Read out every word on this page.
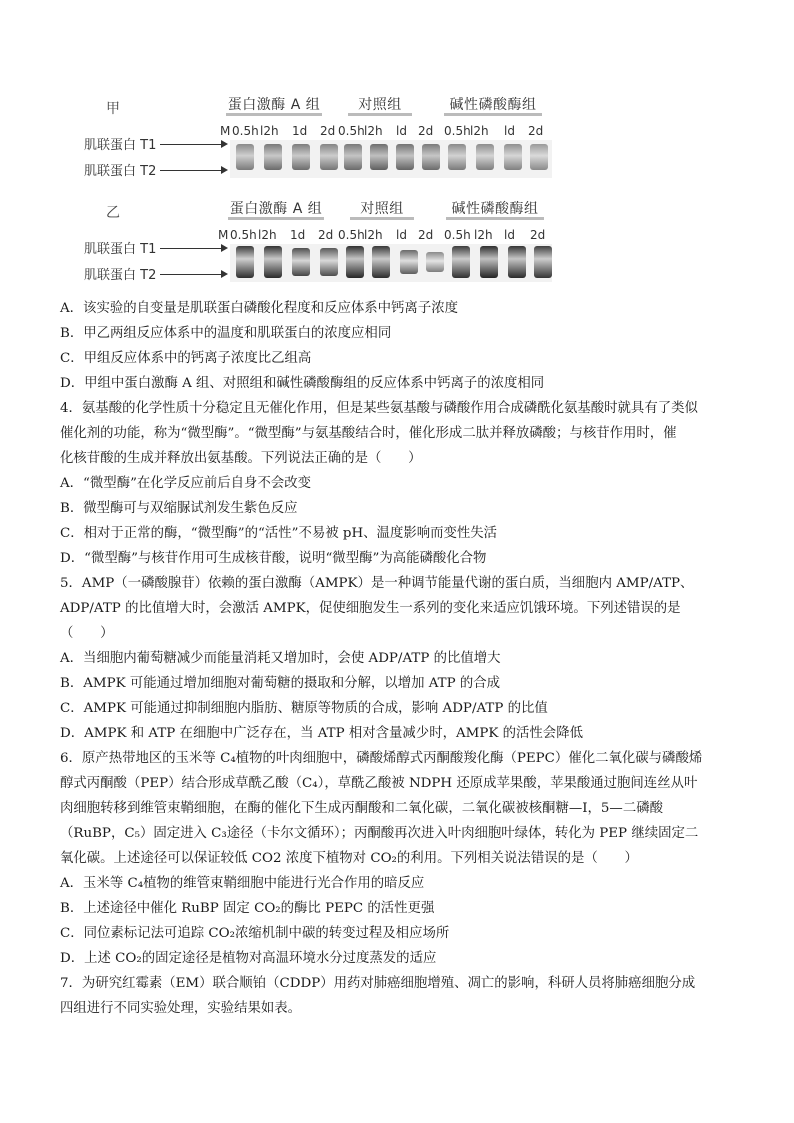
甲	蛋白激酶 A 组	对照组	碱性磷酸酶组
M 0.5h l2h 1d 2d 0.5h l2h ld 2d 0.5h l2h ld 2d
肌联蛋白 T1
肌联蛋白 T2
乙	蛋白激酶 A 组	对照组	碱性磷酸酶组
M 0.5h l2h 1d 2d 0.5h l2h ld 2d 0.5h l2h ld 2d
肌联蛋白 T1
肌联蛋白 T2

A．该实验的自变量是肌联蛋白磷酸化程度和反应体系中钙离子浓度

B．甲乙两组反应体系中的温度和肌联蛋白的浓度应相同

C．甲组反应体系中的钙离子浓度比乙组高

D．甲组中蛋白激酶 A 组、对照组和碱性磷酸酶组的反应体系中钙离子的浓度相同

4．氨基酸的化学性质十分稳定且无催化作用，但是某些氨基酸与磷酸作用合成磷酰化氨基酸时就具有了类似

催化剂的功能，称为“微型酶”。“微型酶”与氨基酸结合时，催化形成二肽并释放磷酸；与核苷作用时，催

化核苷酸的生成并释放出氨基酸。下列说法正确的是（　　）

A．“微型酶”在化学反应前后自身不会改变

B．微型酶可与双缩脲试剂发生紫色反应

C．相对于正常的酶，“微型酶”的“活性”不易被 pH、温度影响而变性失活

D．“微型酶”与核苷作用可生成核苷酸，说明“微型酶”为高能磷酸化合物

5．AMP（一磷酸腺苷）依赖的蛋白激酶（AMPK）是一种调节能量代谢的蛋白质，当细胞内 AMP/ATP、

ADP/ATP 的比值增大时，会激活 AMPK，促使细胞发生一系列的变化来适应饥饿环境。下列述错误的是

（　　）

A．当细胞内葡萄糖减少而能量消耗又增加时，会使 ADP/ATP 的比值增大

B．AMPK 可能通过增加细胞对葡萄糖的摄取和分解，以增加 ATP 的合成

C．AMPK 可能通过抑制细胞内脂肪、糖原等物质的合成，影响 ADP/ATP 的比值

D．AMPK 和 ATP 在细胞中广泛存在，当 ATP 相对含量减少时，AMPK 的活性会降低

6．原产热带地区的玉米等 C₄植物的叶肉细胞中，磷酸烯醇式丙酮酸羧化酶（PEPC）催化二氧化碳与磷酸烯

醇式丙酮酸（PEP）结合形成草酰乙酸（C₄），草酰乙酸被 NDPH 还原成苹果酸，苹果酸通过胞间连丝从叶

肉细胞转移到维管束鞘细胞，在酶的催化下生成丙酮酸和二氧化碳，二氧化碳被核酮糖—I，5—二磷酸

（RuBP，C₅）固定进入 C₃途径（卡尔文循环）；丙酮酸再次进入叶肉细胞叶绿体，转化为 PEP 继续固定二

氧化碳。上述途径可以保证较低 CO2 浓度下植物对 CO₂的利用。下列相关说法错误的是（　　）

A．玉米等 C₄植物的维管束鞘细胞中能进行光合作用的暗反应

B．上述途径中催化 RuBP 固定 CO₂的酶比 PEPC 的活性更强

C．同位素标记法可追踪 CO₂浓缩机制中碳的转变过程及相应场所

D．上述 CO₂的固定途径是植物对高温环境水分过度蒸发的适应

7．为研究红霉素（EM）联合顺铂（CDDP）用药对肺癌细胞增殖、凋亡的影响，科研人员将肺癌细胞分成

四组进行不同实验处理，实验结果如表。
